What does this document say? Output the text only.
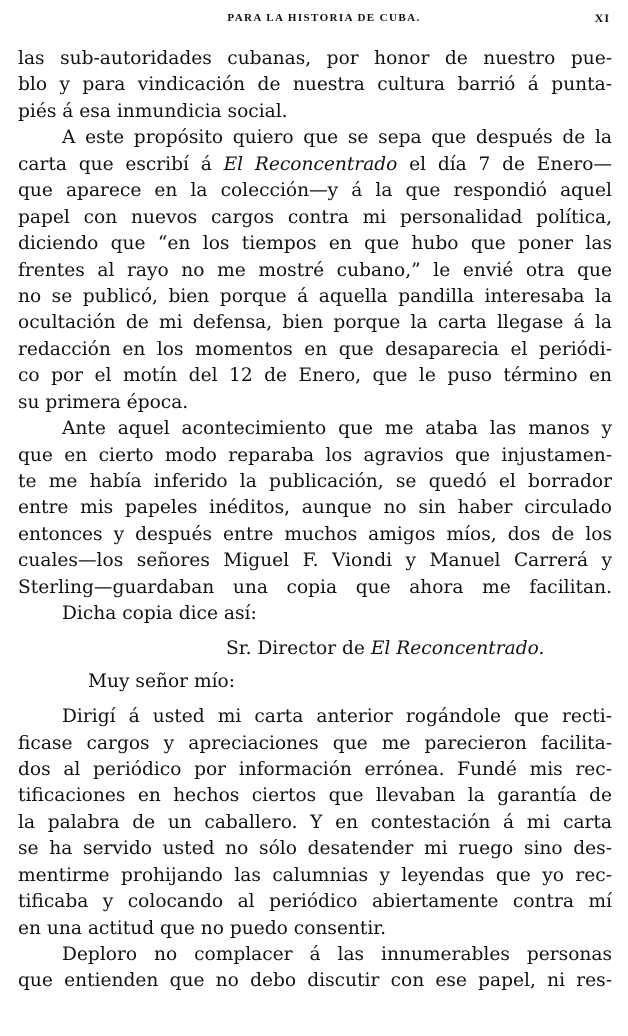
PARA LA HISTORIA DE CUBA.	XI
las sub-autoridades cubanas, por honor de nuestro pue-
blo y para vindicación de nuestra cultura barrió á punta-
piés á esa inmundicia social.
A este propósito quiero que se sepa que después de la
carta que escribí á El Reconcentrado el día 7 de Enero—
que aparece en la colección—y á la que respondió aquel
papel con nuevos cargos contra mi personalidad política,
diciendo que “en los tiempos en que hubo que poner las
frentes al rayo no me mostré cubano,” le envié otra que
no se publicó, bien porque á aquella pandilla interesaba la
ocultación de mi defensa, bien porque la carta llegase á la
redacción en los momentos en que desaparecia el periódi-
co por el motín del 12 de Enero, que le puso término en
su primera época.
Ante aquel acontecimiento que me ataba las manos y
que en cierto modo reparaba los agravios que injustamen-
te me había inferido la publicación, se quedó el borrador
entre mis papeles inéditos, aunque no sin haber circulado
entonces y después entre muchos amigos míos, dos de los
cuales—los señores Miguel F. Viondi y Manuel Carrerá y
Sterling—guardaban una copia que ahora me facilitan.
Dicha copia dice así:
Sr. Director de El Reconcentrado.
Muy señor mío:
Dirigí á usted mi carta anterior rogándole que recti-
ficase cargos y apreciaciones que me parecieron facilita-
dos al periódico por información errónea. Fundé mis rec-
tificaciones en hechos ciertos que llevaban la garantía de
la palabra de un caballero. Y en contestación á mi carta
se ha servido usted no sólo desatender mi ruego sino des-
mentirme prohijando las calumnias y leyendas que yo rec-
tificaba y colocando al periódico abiertamente contra mí
en una actitud que no puedo consentir.
Deploro no complacer á las innumerables personas
que entienden que no debo discutir con ese papel, ni res-
